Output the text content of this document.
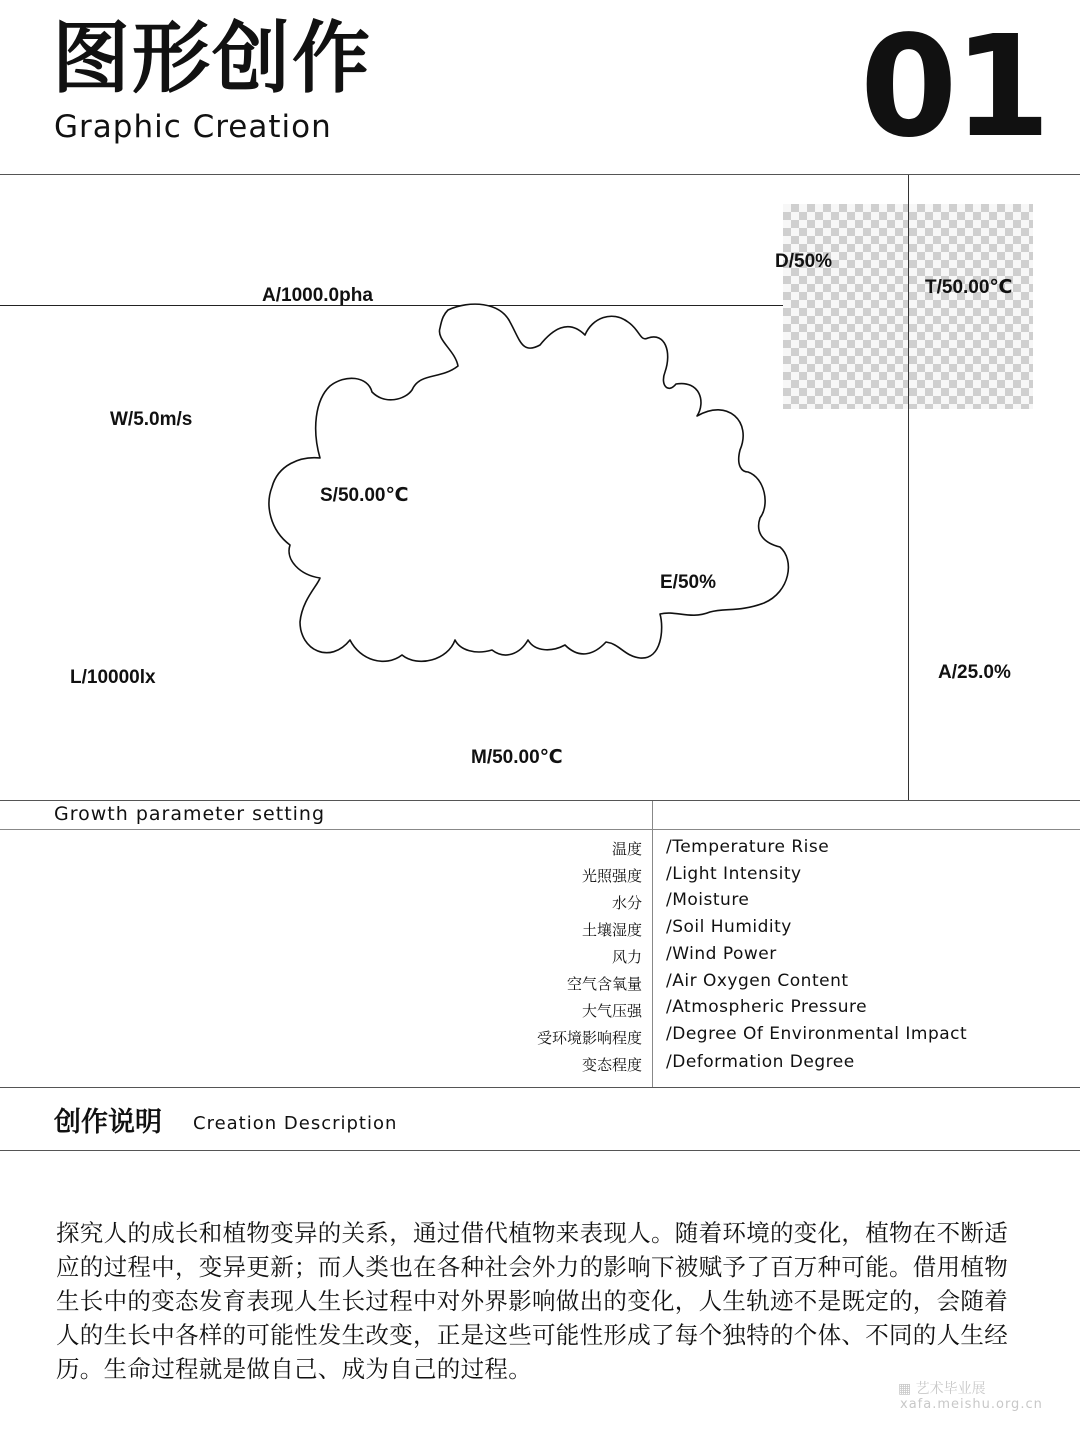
图形创作
Graphic Creation	01
D/50%
T/50.00℃
A/1000.0pha
W/5.0m/s
S/50.00℃
E/50%
L/10000lx	A/25.0%
M/50.00℃
Growth parameter setting
温度 /Temperature Rise
光照强度 /Light Intensity
水分 /Moisture
土壤湿度 /Soil Humidity
风力 /Wind Power
空气含氧量 /Air Oxygen Content
大气压强 /Atmospheric Pressure
受环境影响程度 /Degree Of Environmental Impact
变态程度 /Deformation Degree
创作说明 Creation Description
探究人的成长和植物变异的关系，通过借代植物来表现人。随着环境的变化，植物在不断适应的过程中，变异更新；而人类也在各种社会外力的影响下被赋予了百万种可能。借用植物生长中的变态发育表现人生长过程中对外界影响做出的变化，人生轨迹不是既定的，会随着人的生长中各样的可能性发生改变，正是这些可能性形成了每个独特的个体、不同的人生经历。生命过程就是做自己、成为自己的过程。
▦ 艺术毕业展
xafa.meishu.org.cn
